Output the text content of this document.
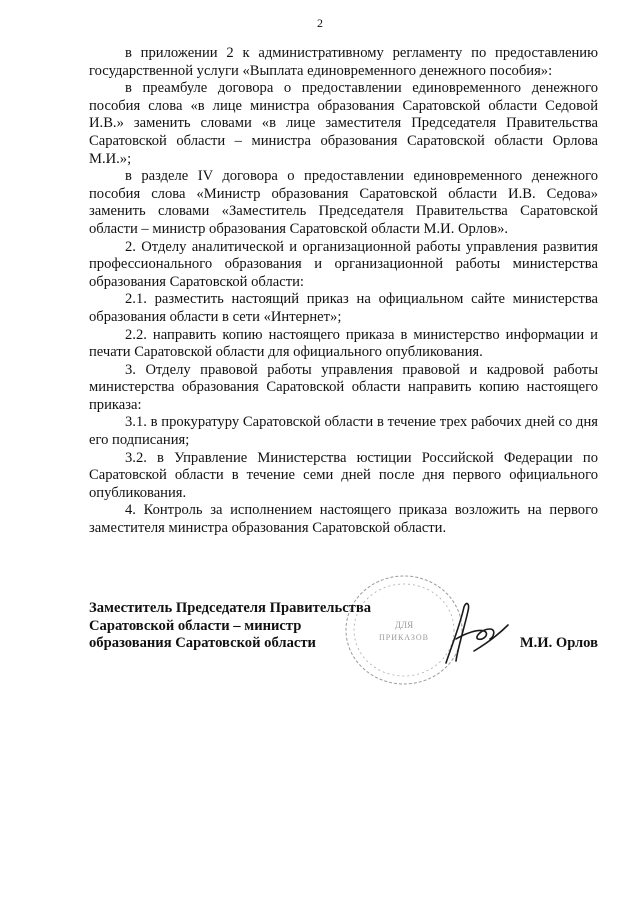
2

в приложении 2 к административному регламенту по предоставлению государственной услуги «Выплата единовременного денежного пособия»:

в преамбуле договора о предоставлении единовременного денежного пособия слова «в лице министра образования Саратовской области Седовой И.В.» заменить словами «в лице заместителя Председателя Правительства Саратовской области – министра образования Саратовской области Орлова М.И.»;

в разделе IV договора о предоставлении единовременного денежного пособия слова «Министр образования Саратовской области И.В. Седова» заменить словами «Заместитель Председателя Правительства Саратовской области – министр образования Саратовской области М.И. Орлов».

2. Отделу аналитической и организационной работы управления развития профессионального образования и организационной работы министерства образования Саратовской области:

2.1. разместить настоящий приказ на официальном сайте министерства образования области в сети «Интернет»;

2.2. направить копию настоящего приказа в министерство информации и печати Саратовской области для официального опубликования.

3. Отделу правовой работы управления правовой и кадровой работы министерства образования Саратовской области направить копию настоящего приказа:

3.1. в прокуратуру Саратовской области в течение трех рабочих дней со дня его подписания;

3.2. в Управление Министерства юстиции Российской Федерации по Саратовской области в течение семи дней после дня первого официального опубликования.

4. Контроль за исполнением настоящего приказа возложить на первого заместителя министра образования Саратовской области.

ДЛЯ
ПРИКАЗОВ
Заместитель Председателя Правительства
Саратовской области – министр
образования Саратовской области	М.И. Орлов
